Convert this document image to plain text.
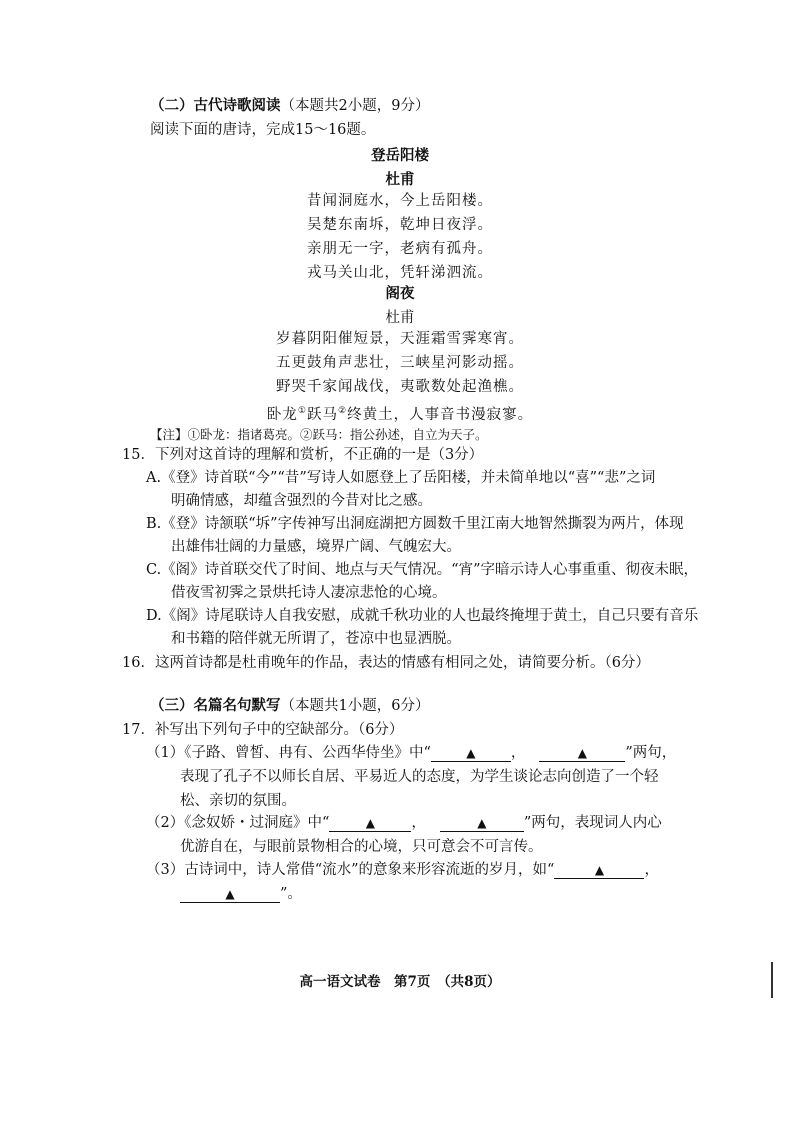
（二）古代诗歌阅读（本题共2小题，9分）
阅读下面的唐诗，完成15～16题。
登岳阳楼
杜甫
昔闻洞庭水，今上岳阳楼。
吴楚东南坼，乾坤日夜浮。
亲朋无一字，老病有孤舟。
戎马关山北，凭轩涕泗流。
阁夜
杜甫
岁暮阴阳催短景，天涯霜雪霁寒宵。
五更鼓角声悲壮，三峡星河影动摇。
野哭千家闻战伐，夷歌数处起渔樵。
卧龙①跃马②终黄土，人事音书漫寂寥。
【注】①卧龙：指诸葛亮。②跃马：指公孙述，自立为天子。
15．下列对这首诗的理解和赏析，不正确的一是（3分）
A.《登》诗首联“今”“昔”写诗人如愿登上了岳阳楼，并未简单地以“喜”“悲”之词
明确情感，却蕴含强烈的今昔对比之感。
B.《登》诗颔联“坼”字传神写出洞庭湖把方圆数千里江南大地智然撕裂为两片，体现
出雄伟壮阔的力量感，境界广阔、气魄宏大。
C.《阁》诗首联交代了时间、地点与天气情况。“宵”字暗示诗人心事重重、彻夜未眠，
借夜雪初霁之景烘托诗人凄凉悲怆的心境。
D.《阁》诗尾联诗人自我安慰，成就千秋功业的人也最终掩埋于黄土，自己只要有音乐
和书籍的陪伴就无所谓了，苍凉中也显洒脱。
16．这两首诗都是杜甫晚年的作品，表达的情感有相同之处，请简要分析。（6分）
（三）名篇名句默写（本题共1小题，6分）
17．补写出下列句子中的空缺部分。（6分）
（1）《子路、曾皙、冉有、公西华侍坐》中“	▲ ，	▲	”两句，
表现了孔子不以师长自居、平易近人的态度，为学生谈论志向创造了一个轻
松、亲切的氛围。
（2）《念奴娇・过洞庭》中“	▲	，	▲	”两句，表现词人内心
优游自在，与眼前景物相合的心境，只可意会不可言传。
（3）古诗词中，诗人常借“流水”的意象来形容流逝的岁月，如“	▲	，
▲	”。
高一语文试卷　第7页　（共8页）
